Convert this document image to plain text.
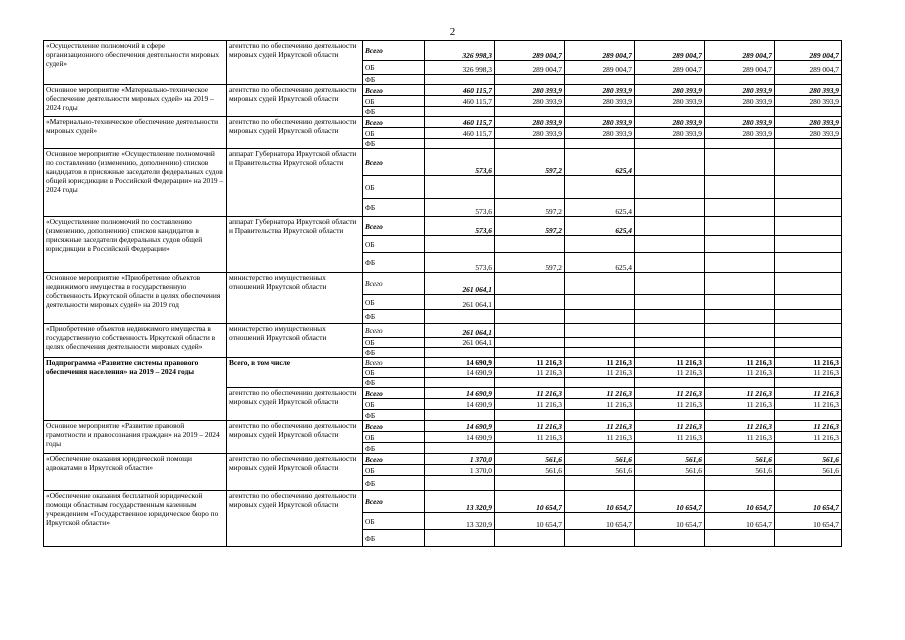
2
«Осуществление полномочий в сфере организационного обеспечения деятельности мировых судей»	агентство по обеспечению деятельности мировых судей Иркутской области	Всего	326 998,3	289 004,7	289 004,7	289 004,7	289 004,7	289 004,7
		ОБ	326 998,3	289 004,7	289 004,7	289 004,7	289 004,7	289 004,7
		ФБ						
Основное мероприятие «Материально-техническое обеспечение деятельности мировых судей» на 2019 – 2024 годы	агентство по обеспечению деятельности мировых судей Иркутской области	Всего	460 115,7	280 393,9	280 393,9	280 393,9	280 393,9	280 393,9
		ОБ	460 115,7	280 393,9	280 393,9	280 393,9	280 393,9	280 393,9
		ФБ						
«Материально-техническое обеспечение деятельности мировых судей»	агентство по обеспечению деятельности мировых судей Иркутской области	Всего	460 115,7	280 393,9	280 393,9	280 393,9	280 393,9	280 393,9
		ОБ	460 115,7	280 393,9	280 393,9	280 393,9	280 393,9	280 393,9
		ФБ						
Основное мероприятие «Осуществление полномочий по составлению (изменению, дополнению) списков кандидатов в присяжные заседатели федеральных судов общей юрисдикции в Российской Федерации» на 2019 – 2024 годы	аппарат Губернатора Иркутской области и Правительства Иркутской области	Всего	573,6	597,2	625,4			
		ОБ						
		ФБ	573,6	597,2	625,4			
«Осуществление полномочий по составлению (изменению, дополнению) списков кандидатов в присяжные заседатели федеральных судов общей юрисдикции в Российской Федерации»	аппарат Губернатора Иркутской области и Правительства Иркутской области	Всего	573,6	597,2	625,4			
		ОБ						
		ФБ	573,6	597,2	625,4			
Основное мероприятие «Приобретение объектов недвижимого имущества в государственную собственность Иркутской области в целях обеспечения деятельности мировых судей» на 2019 год	министерство имущественных отношений Иркутской области	Всего	261 064,1					
		ОБ	261 064,1					
		ФБ						
«Приобретение объектов недвижимого имущества в государственную собственность Иркутской области в целях обеспечения деятельности мировых судей»	министерство имущественных отношений Иркутской области	Всего	261 064,1					
		ОБ	261 064,1					
		ФБ						
Подпрограмма «Развитие системы правового обеспечения населения» на 2019 – 2024 годы	Всего, в том числе	Всего	14 690,9	11 216,3	11 216,3	11 216,3	11 216,3	11 216,3
		ОБ	14 690,9	11 216,3	11 216,3	11 216,3	11 216,3	11 216,3
		ФБ						
	агентство по обеспечению деятельности мировых судей Иркутской области	Всего	14 690,9	11 216,3	11 216,3	11 216,3	11 216,3	11 216,3
		ОБ	14 690,9	11 216,3	11 216,3	11 216,3	11 216,3	11 216,3
		ФБ						
Основное мероприятие «Развитие правовой грамотности и правосознания граждан» на 2019 – 2024 годы	агентство по обеспечению деятельности мировых судей Иркутской области	Всего	14 690,9	11 216,3	11 216,3	11 216,3	11 216,3	11 216,3
		ОБ	14 690,9	11 216,3	11 216,3	11 216,3	11 216,3	11 216,3
		ФБ						
«Обеспечение оказания юридической помощи адвокатами в Иркутской области»	агентство по обеспечению деятельности мировых судей Иркутской области	Всего	1 370,0	561,6	561,6	561,6	561,6	561,6
		ОБ	1 370,0	561,6	561,6	561,6	561,6	561,6
		ФБ						
«Обеспечение оказания бесплатной юридической помощи областным государственным казенным учреждением «Государственное юридическое бюро по Иркутской области»	агентство по обеспечению деятельности мировых судей Иркутской области	Всего	13 320,9	10 654,7	10 654,7	10 654,7	10 654,7	10 654,7
		ОБ	13 320,9	10 654,7	10 654,7	10 654,7	10 654,7	10 654,7
		ФБ						
